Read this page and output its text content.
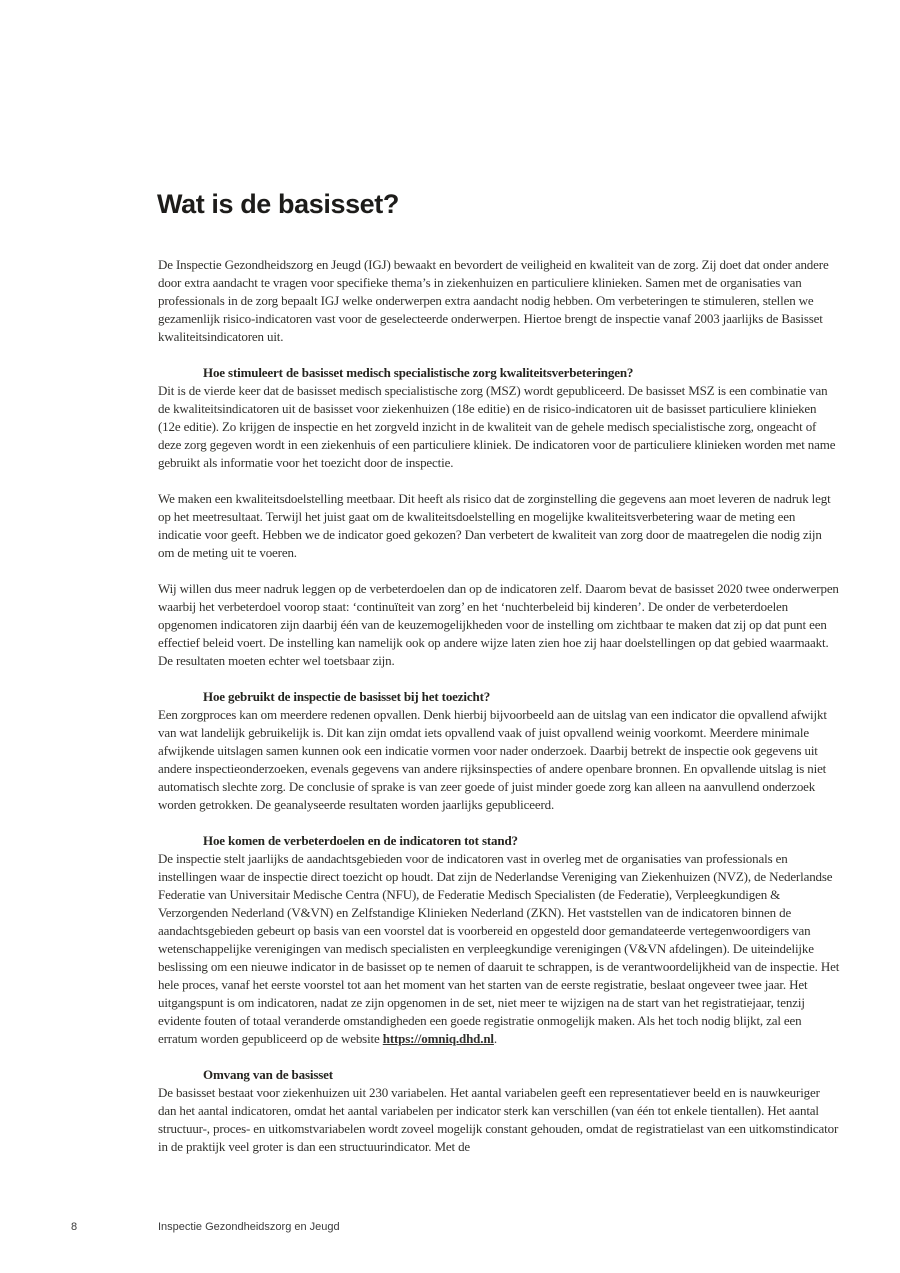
Wat is de basisset?

De Inspectie Gezondheidszorg en Jeugd (IGJ) bewaakt en bevordert de veiligheid en kwaliteit van de zorg. Zij doet dat onder andere door extra aandacht te vragen voor specifieke thema’s in ziekenhuizen en particuliere klinieken. Samen met de organisaties van professionals in de zorg bepaalt IGJ welke onderwerpen extra aandacht nodig hebben. Om verbeteringen te stimuleren, stellen we gezamenlijk risico-indicatoren vast voor de geselecteerde onderwerpen. Hiertoe brengt de inspectie vanaf 2003 jaarlijks de Basisset kwaliteitsindicatoren uit.

Hoe stimuleert de basisset medisch specialistische zorg kwaliteitsverbeteringen?

Dit is de vierde keer dat de basisset medisch specialistische zorg (MSZ) wordt gepubliceerd. De basisset MSZ is een combinatie van de kwaliteitsindicatoren uit de basisset voor ziekenhuizen (18e editie) en de risico-indicatoren uit de basisset particuliere klinieken (12e editie). Zo krijgen de inspectie en het zorgveld inzicht in de kwaliteit van de gehele medisch specialistische zorg, ongeacht of deze zorg gegeven wordt in een ziekenhuis of een particuliere kliniek. De indicatoren voor de particuliere klinieken worden met name gebruikt als informatie voor het toezicht door de inspectie.

We maken een kwaliteitsdoelstelling meetbaar. Dit heeft als risico dat de zorginstelling die gegevens aan moet leveren de nadruk legt op het meetresultaat. Terwijl het juist gaat om de kwaliteitsdoelstelling en mogelijke kwaliteitsverbetering waar de meting een indicatie voor geeft. Hebben we de indicator goed gekozen? Dan verbetert de kwaliteit van zorg door de maatregelen die nodig zijn om de meting uit te voeren.

Wij willen dus meer nadruk leggen op de verbeterdoelen dan op de indicatoren zelf. Daarom bevat de basisset 2020 twee onderwerpen waarbij het verbeterdoel voorop staat: ‘continuïteit van zorg’ en het ‘nuchterbeleid bij kinderen’. De onder de verbeterdoelen opgenomen indicatoren zijn daarbij één van de keuzemogelijkheden voor de instelling om zichtbaar te maken dat zij op dat punt een effectief beleid voert. De instelling kan namelijk ook op andere wijze laten zien hoe zij haar doelstellingen op dat gebied waarmaakt. De resultaten moeten echter wel toetsbaar zijn.

Hoe gebruikt de inspectie de basisset bij het toezicht?

Een zorgproces kan om meerdere redenen opvallen. Denk hierbij bijvoorbeeld aan de uitslag van een indicator die opvallend afwijkt van wat landelijk gebruikelijk is. Dit kan zijn omdat iets opvallend vaak of juist opvallend weinig voorkomt. Meerdere minimale afwijkende uitslagen samen kunnen ook een indicatie vormen voor nader onderzoek. Daarbij betrekt de inspectie ook gegevens uit andere inspectieonderzoeken, evenals gegevens van andere rijksinspecties of andere openbare bronnen. En opvallende uitslag is niet automatisch slechte zorg. De conclusie of sprake is van zeer goede of juist minder goede zorg kan alleen na aanvullend onderzoek worden getrokken. De geanalyseerde resultaten worden jaarlijks gepubliceerd.

Hoe komen de verbeterdoelen en de indicatoren tot stand?

De inspectie stelt jaarlijks de aandachtsgebieden voor de indicatoren vast in overleg met de organisaties van professionals en instellingen waar de inspectie direct toezicht op houdt. Dat zijn de Nederlandse Vereniging van Ziekenhuizen (NVZ), de Nederlandse Federatie van Universitair Medische Centra (NFU), de Federatie Medisch Specialisten (de Federatie), Verpleegkundigen & Verzorgenden Nederland (V&VN) en Zelfstandige Klinieken Nederland (ZKN). Het vaststellen van de indicatoren binnen de aandachtsgebieden gebeurt op basis van een voorstel dat is voorbereid en opgesteld door gemandateerde vertegenwoordigers van wetenschappelijke verenigingen van medisch specialisten en verpleegkundige verenigingen (V&VN afdelingen). De uiteindelijke beslissing om een nieuwe indicator in de basisset op te nemen of daaruit te schrappen, is de verantwoordelijkheid van de inspectie. Het hele proces, vanaf het eerste voorstel tot aan het moment van het starten van de eerste registratie, beslaat ongeveer twee jaar. Het uitgangspunt is om indicatoren, nadat ze zijn opgenomen in de set, niet meer te wijzigen na de start van het registratiejaar, tenzij evidente fouten of totaal veranderde omstandigheden een goede registratie onmogelijk maken. Als het toch nodig blijkt, zal een erratum worden gepubliceerd op de website https://omniq.dhd.nl.

Omvang van de basisset

De basisset bestaat voor ziekenhuizen uit 230 variabelen. Het aantal variabelen geeft een representatiever beeld en is nauwkeuriger dan het aantal indicatoren, omdat het aantal variabelen per indicator sterk kan verschillen (van één tot enkele tientallen). Het aantal structuur-, proces- en uitkomstvariabelen wordt zoveel mogelijk constant gehouden, omdat de registratielast van een uitkomstindicator in de praktijk veel groter is dan een structuurindicator. Met de

8	Inspectie Gezondheidszorg en Jeugd
